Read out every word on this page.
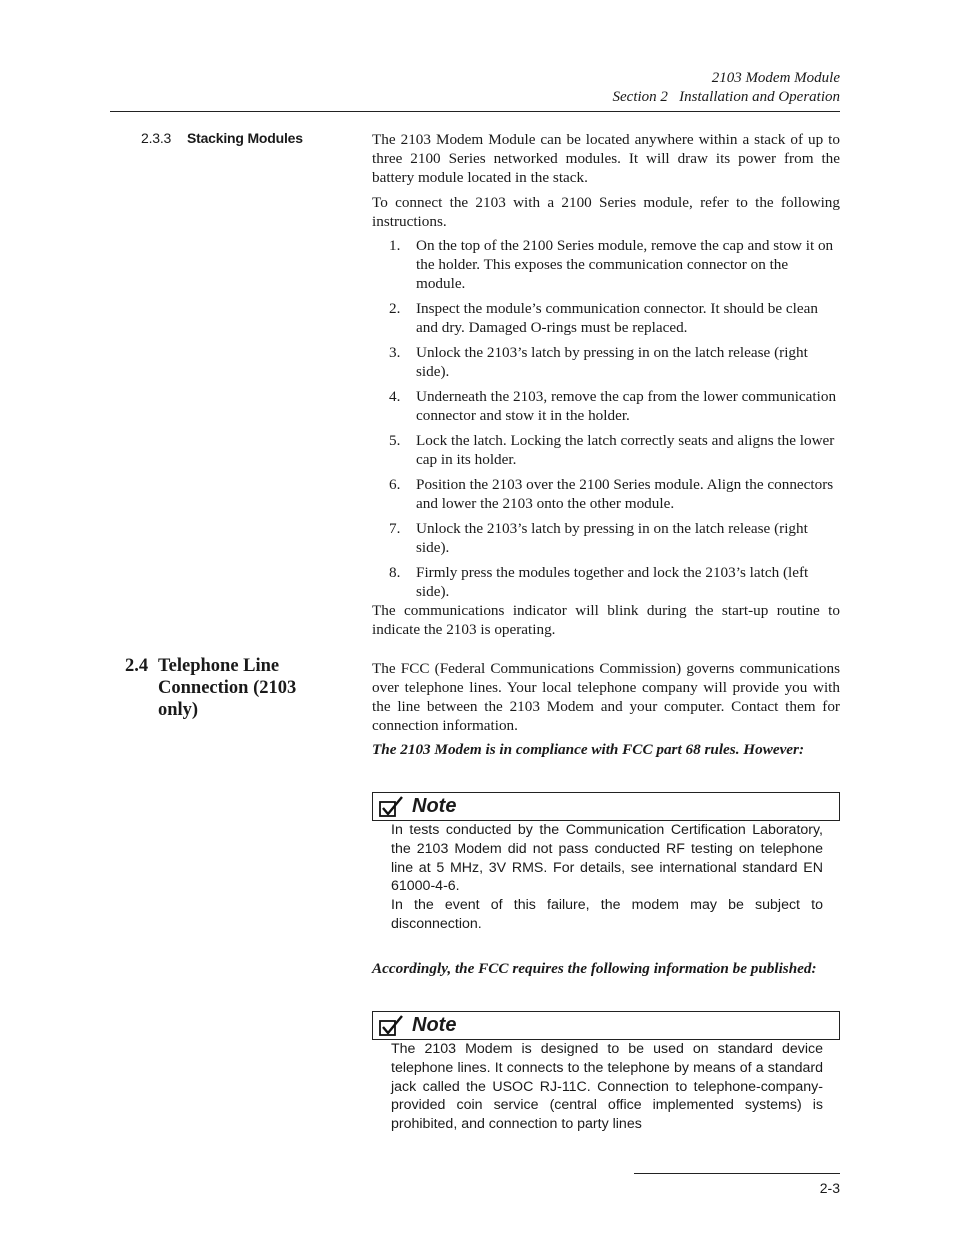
2103 Modem Module
Section 2   Installation and Operation
2.3.3 Stacking Modules	The 2103 Modem Module can be located anywhere within a stack of up to three 2100 Series networked modules. It will draw its power from the battery module located in the stack.

To connect the 2103 with a 2100 Series module, refer to the following instructions.

1. On the top of the 2100 Series module, remove the cap and stow it on the holder. This exposes the communication connector on the module.
2. Inspect the module’s communication connector. It should be clean and dry. Damaged O-rings must be replaced.
3. Unlock the 2103’s latch by pressing in on the latch release (right side).
4. Underneath the 2103, remove the cap from the lower communication connector and stow it in the holder.
5. Lock the latch. Locking the latch correctly seats and aligns the lower cap in its holder.
6. Position the 2103 over the 2100 Series module. Align the connectors and lower the 2103 onto the other module.
7. Unlock the 2103’s latch by pressing in on the latch release (right side).
8. Firmly press the modules together and lock the 2103’s latch (left side).

The communications indicator will blink during the start-up routine to indicate the 2103 is operating.

2.4 Telephone Line Connection (2103 only)

The FCC (Federal Communications Commission) governs communications over telephone lines. Your local telephone company will provide you with the line between the 2103 Modem and your computer. Contact them for connection information.

The 2103 Modem is in compliance with FCC part 68 rules. However:

Note

In tests conducted by the Communication Certification Laboratory, the 2103 Modem did not pass conducted RF testing on telephone line at 5 MHz, 3V RMS. For details, see international standard EN 61000-4-6.

In the event of this failure, the modem may be subject to disconnection.

Accordingly, the FCC requires the following information be published:

Note

The 2103 Modem is designed to be used on standard device telephone lines. It connects to the telephone by means of a standard jack called the USOC RJ-11C. Connection to telephone-company-provided coin service (central office implemented systems) is prohibited, and connection to party lines

2-3
